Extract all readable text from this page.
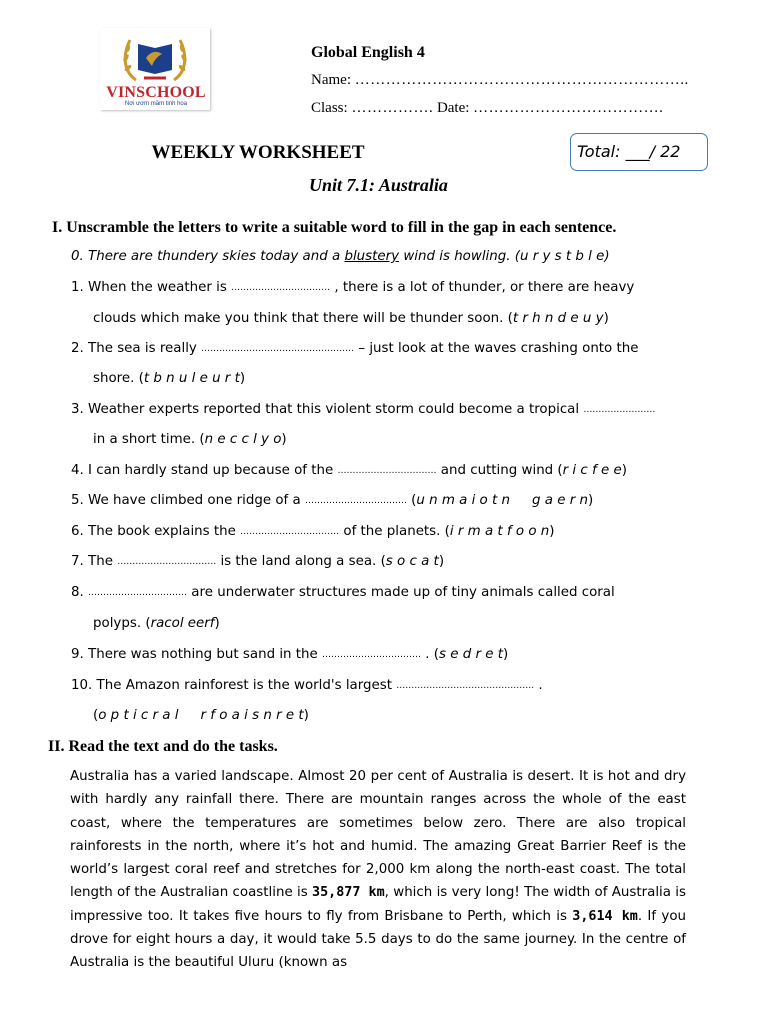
VINSCHOOL
Nơi ươm mầm tinh hoa
Global English 4
Name: ………………………………………………………..
Class: ……………. Date: ……………………………….
WEEKLY WORKSHEET
Unit 7.1: Australia
Total: ___/ 22
I. Unscramble the letters to write a suitable word to fill in the gap in each sentence.
0. There are thundery skies today and a blustery wind is howling. (u r y s t b l e)
1. When the weather is …………………………… , there is a lot of thunder, or there are heavy
clouds which make you think that there will be thunder soon. (t r h n d e u y)
2. The sea is really …………………………………………… – just look at the waves crashing onto the
shore. (t b n u l e u r t)
3. Weather experts reported that this violent storm could become a tropical ……………………
in a short time. (n e c c l y o)
4. I can hardly stand up because of the …………………………… and cutting wind (r i c f e e)
5. We have climbed one ridge of a ……………………………. (u n m a i o t n g a e r n)
6. The book explains the …………………………… of the planets. (i r m a t f o o n)
7. The …………………………… is the land along a sea. (s o c a t)
8. …………………………… are underwater structures made up of tiny animals called coral
polyps. (racol eerf)
9. There was nothing but sand in the …………………………… . (s e d r e t)
10. The Amazon rainforest is the world's largest ………………………………………. .
(o p t i c r a l r f o a i s n r e t)
II. Read the text and do the tasks.

Australia has a varied landscape. Almost 20 per cent of Australia is desert. It is hot and dry with hardly any rainfall there. There are mountain ranges across the whole of the east coast, where the temperatures are sometimes below zero. There are also tropical rainforests in the north, where it’s hot and humid. The amazing Great Barrier Reef is the world’s largest coral reef and stretches for 2,000 km along the north-east coast. The total length of the Australian coastline is 35,877 km, which is very long! The width of Australia is impressive too. It takes five hours to fly from Brisbane to Perth, which is 3,614 km. If you drove for eight hours a day, it would take 5.5 days to do the same journey. In the centre of Australia is the beautiful Uluru (known as
